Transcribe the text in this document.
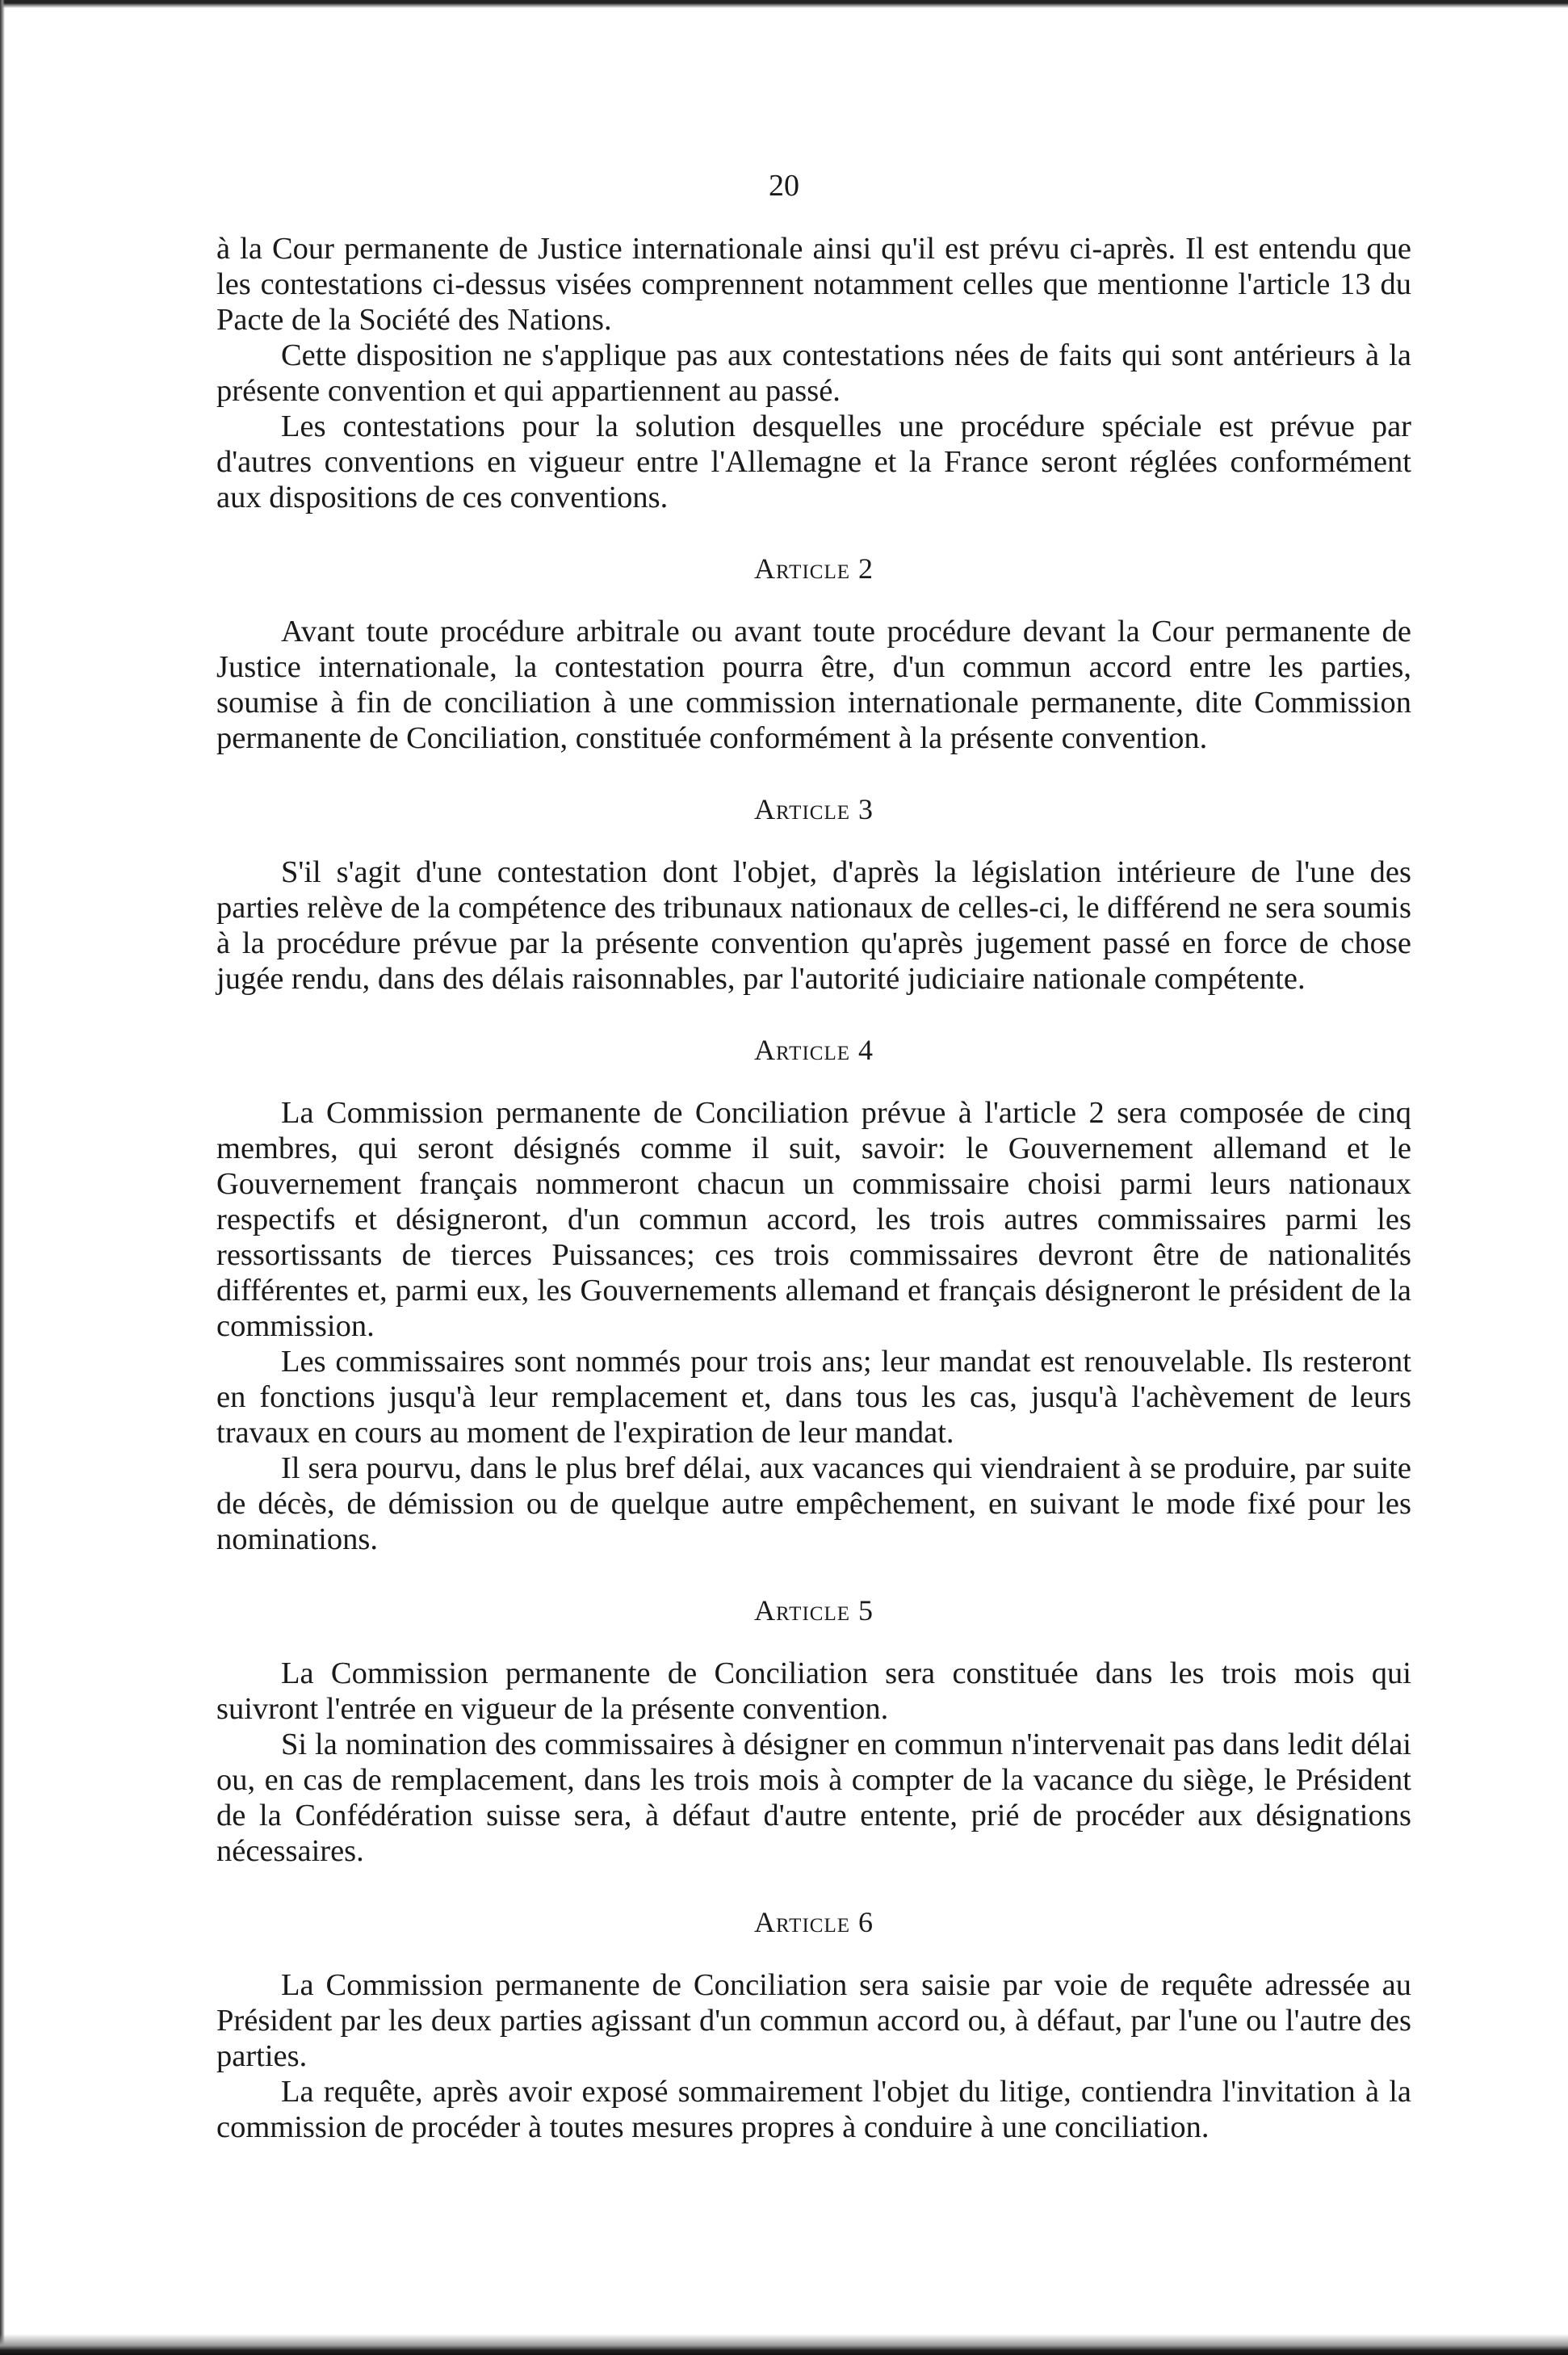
20

à la Cour permanente de Justice internationale ainsi qu'il est prévu ci-après. Il est entendu que les contestations ci-dessus visées comprennent notamment celles que mentionne l'article 13 du Pacte de la Société des Nations.

Cette disposition ne s'applique pas aux contestations nées de faits qui sont antérieurs à la présente convention et qui appartiennent au passé.

Les contestations pour la solution desquelles une procédure spéciale est prévue par d'autres conventions en vigueur entre l'Allemagne et la France seront réglées conformément aux dispositions de ces conventions.

Article 2

Avant toute procédure arbitrale ou avant toute procédure devant la Cour permanente de Justice internationale, la contestation pourra être, d'un commun accord entre les parties, soumise à fin de conciliation à une commission internationale permanente, dite Commission permanente de Conciliation, constituée conformément à la présente convention.

Article 3

S'il s'agit d'une contestation dont l'objet, d'après la législation intérieure de l'une des parties relève de la compétence des tribunaux nationaux de celles-ci, le différend ne sera soumis à la procédure prévue par la présente convention qu'après jugement passé en force de chose jugée rendu, dans des délais raisonnables, par l'autorité judiciaire nationale compétente.

Article 4

La Commission permanente de Conciliation prévue à l'article 2 sera composée de cinq membres, qui seront désignés comme il suit, savoir: le Gouvernement allemand et le Gouvernement français nommeront chacun un commissaire choisi parmi leurs nationaux respectifs et désigneront, d'un commun accord, les trois autres commissaires parmi les ressortissants de tierces Puissances; ces trois commissaires devront être de nationalités différentes et, parmi eux, les Gouvernements allemand et français désigneront le président de la commission.

Les commissaires sont nommés pour trois ans; leur mandat est renouvelable. Ils resteront en fonctions jusqu'à leur remplacement et, dans tous les cas, jusqu'à l'achèvement de leurs travaux en cours au moment de l'expiration de leur mandat.

Il sera pourvu, dans le plus bref délai, aux vacances qui viendraient à se produire, par suite de décès, de démission ou de quelque autre empêchement, en suivant le mode fixé pour les nominations.

Article 5

La Commission permanente de Conciliation sera constituée dans les trois mois qui suivront l'entrée en vigueur de la présente convention.

Si la nomination des commissaires à désigner en commun n'intervenait pas dans ledit délai ou, en cas de remplacement, dans les trois mois à compter de la vacance du siège, le Président de la Confédération suisse sera, à défaut d'autre entente, prié de procéder aux désignations nécessaires.

Article 6

La Commission permanente de Conciliation sera saisie par voie de requête adressée au Président par les deux parties agissant d'un commun accord ou, à défaut, par l'une ou l'autre des parties.

La requête, après avoir exposé sommairement l'objet du litige, contiendra l'invitation à la commission de procéder à toutes mesures propres à conduire à une conciliation.
